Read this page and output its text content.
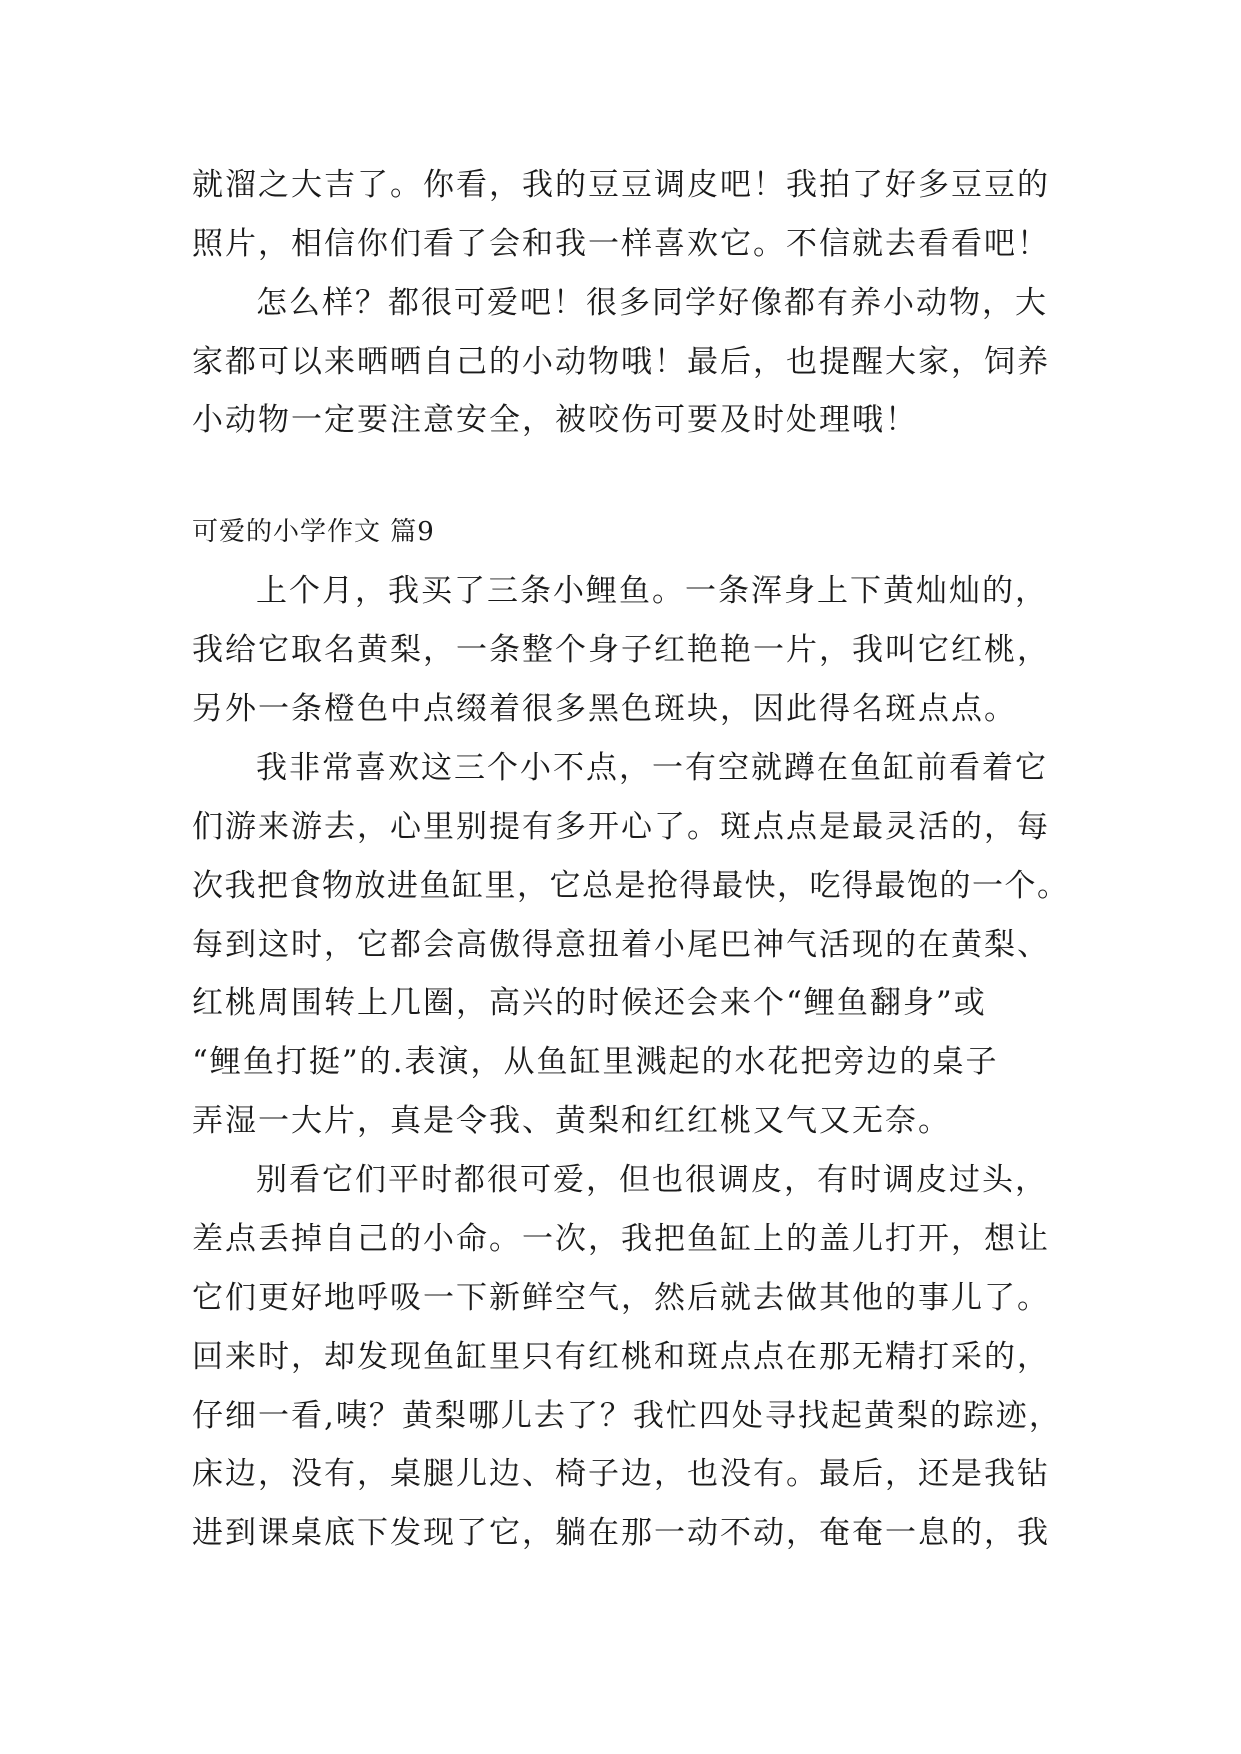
就溜之大吉了。你看，我的豆豆调皮吧！我拍了好多豆豆的
照片，相信你们看了会和我一样喜欢它。不信就去看看吧！
怎么样？都很可爱吧！很多同学好像都有养小动物，大
家都可以来晒晒自己的小动物哦！最后，也提醒大家，饲养
小动物一定要注意安全，被咬伤可要及时处理哦！
可爱的小学作文 篇9
上个月，我买了三条小鲤鱼。一条浑身上下黄灿灿的，
我给它取名黄梨，一条整个身子红艳艳一片，我叫它红桃，
另外一条橙色中点缀着很多黑色斑块，因此得名斑点点。
我非常喜欢这三个小不点，一有空就蹲在鱼缸前看着它
们游来游去，心里别提有多开心了。斑点点是最灵活的，每
次我把食物放进鱼缸里，它总是抢得最快，吃得最饱的一个。
每到这时，它都会高傲得意扭着小尾巴神气活现的在黄梨、
红桃周围转上几圈，高兴的时候还会来个“鲤鱼翻身”或
“鲤鱼打挺”的.表演，从鱼缸里溅起的水花把旁边的桌子
弄湿一大片，真是令我、黄梨和红红桃又气又无奈。
别看它们平时都很可爱，但也很调皮，有时调皮过头，
差点丢掉自己的小命。一次，我把鱼缸上的盖儿打开，想让
它们更好地呼吸一下新鲜空气，然后就去做其他的事儿了。
回来时，却发现鱼缸里只有红桃和斑点点在那无精打采的，
仔细一看,咦？黄梨哪儿去了？我忙四处寻找起黄梨的踪迹，
床边，没有，桌腿儿边、椅子边，也没有。最后，还是我钻
进到课桌底下发现了它，躺在那一动不动，奄奄一息的，我
